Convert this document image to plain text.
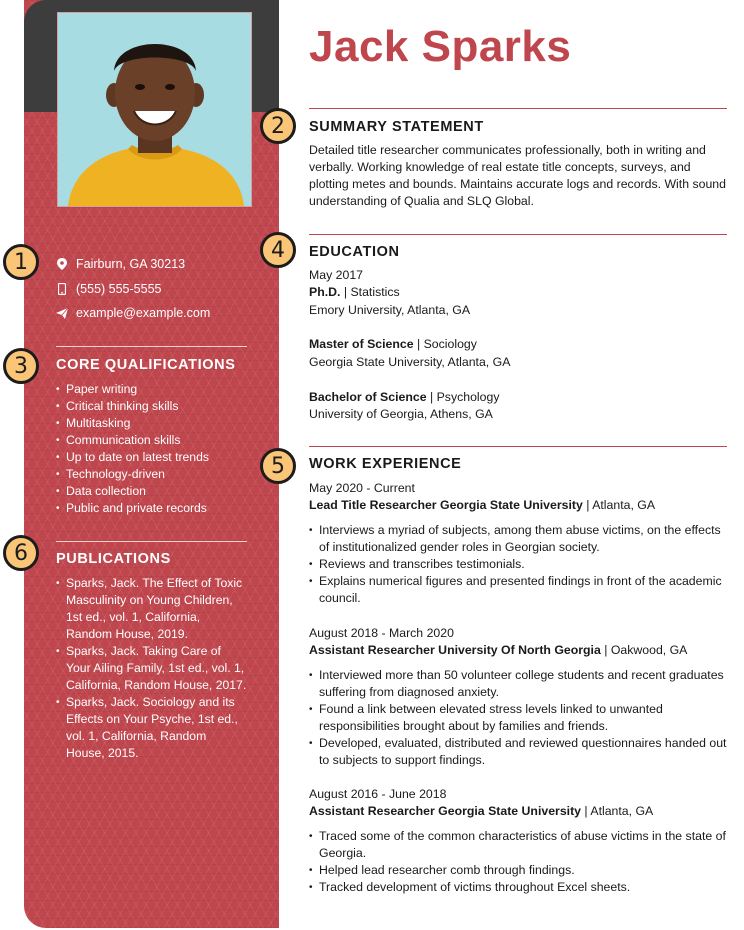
Fairburn, GA 30213
(555) 555-5555
example@example.com
CORE QUALIFICATIONS
• Paper writing
• Critical thinking skills
• Multitasking
• Communication skills
• Up to date on latest trends
• Technology-driven
• Data collection
• Public and private records
PUBLICATIONS
• Sparks, Jack. The Effect of Toxic Masculinity on Young Children, 1st ed., vol. 1, California, Random House, 2019.
• Sparks, Jack. Taking Care of Your Ailing Family, 1st ed., vol. 1, California, Random House, 2017.
• Sparks, Jack. Sociology and its Effects on Your Psyche, 1st ed., vol. 1, California, Random House, 2015.
1
2
3
4
5
6
Jack Sparks
SUMMARY STATEMENT
Detailed title researcher communicates professionally, both in writing and verbally. Working knowledge of real estate title concepts, surveys, and plotting metes and bounds. Maintains accurate logs and records. With sound understanding of Qualia and SLQ Global.
EDUCATION
May 2017
Ph.D. | Statistics
Emory University, Atlanta, GA
Master of Science | Sociology
Georgia State University, Atlanta, GA
Bachelor of Science | Psychology
University of Georgia, Athens, GA
WORK EXPERIENCE
May 2020 - Current
Lead Title Researcher Georgia State University | Atlanta, GA
• Interviews a myriad of subjects, among them abuse victims, on the effects of institutionalized gender roles in Georgian society.
• Reviews and transcribes testimonials.
• Explains numerical figures and presented findings in front of the academic council.
August 2018 - March 2020
Assistant Researcher University Of North Georgia | Oakwood, GA
• Interviewed more than 50 volunteer college students and recent graduates suffering from diagnosed anxiety.
• Found a link between elevated stress levels linked to unwanted responsibilities brought about by families and friends.
• Developed, evaluated, distributed and reviewed questionnaires handed out to subjects to support findings.
August 2016 - June 2018
Assistant Researcher Georgia State University | Atlanta, GA
• Traced some of the common characteristics of abuse victims in the state of Georgia.
• Helped lead researcher comb through findings.
• Tracked development of victims throughout Excel sheets.
